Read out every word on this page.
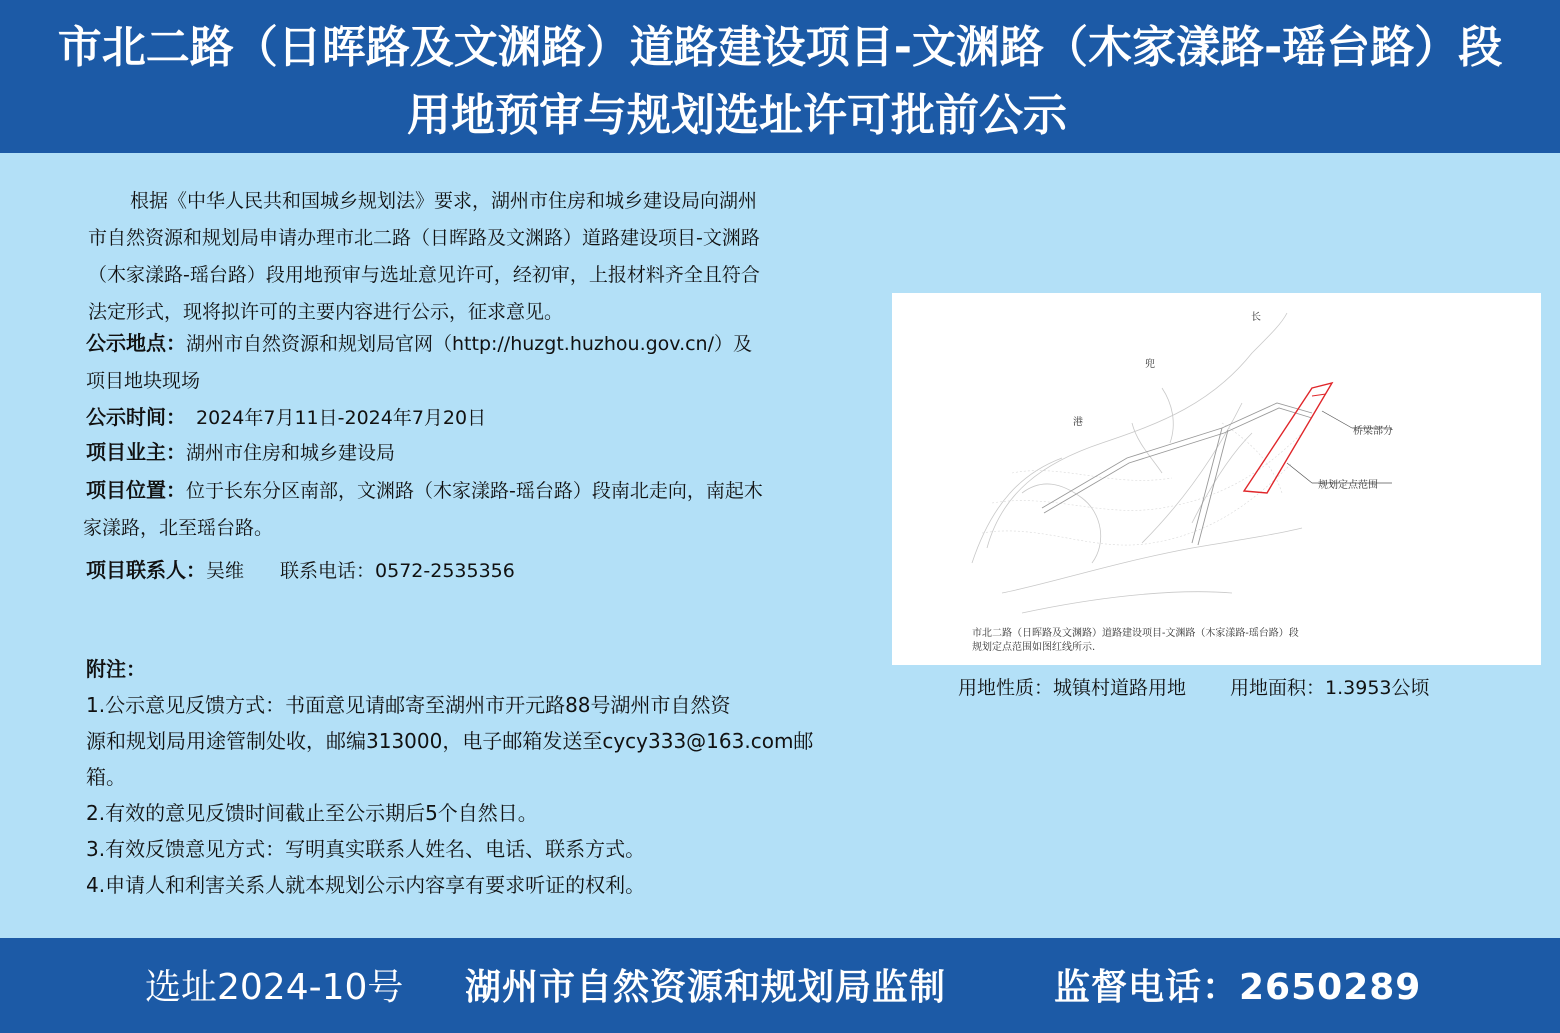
市北二路（日晖路及文渊路）道路建设项目-文渊路（木家漾路-瑶台路）段
用地预审与规划选址许可批前公示
根据《中华人民共和国城乡规划法》要求，湖州市住房和城乡建设局向湖州
市自然资源和规划局申请办理市北二路（日晖路及文渊路）道路建设项目-文渊路
（木家漾路-瑶台路）段用地预审与选址意见许可，经初审，上报材料齐全且符合
法定形式，现将拟许可的主要内容进行公示，征求意见。
公示地点：湖州市自然资源和规划局官网（http://huzgt.huzhou.gov.cn/）及
项目地块现场
公示时间： 2024年7月11日-2024年7月20日
项目业主：湖州市住房和城乡建设局
项目位置：位于长东分区南部，文渊路（木家漾路-瑶台路）段南北走向，南起木
家漾路，北至瑶台路。
项目联系人：吴维 联系电话：0572-2535356
附注：
1.公示意见反馈方式：书面意见请邮寄至湖州市开元路88号湖州市自然资
源和规划局用途管制处收，邮编313000，电子邮箱发送至cycy333@163.com邮
箱。
2.有效的意见反馈时间截止至公示期后5个自然日。
3.有效反馈意见方式：写明真实联系人姓名、电话、联系方式。
4.申请人和利害关系人就本规划公示内容享有要求听证的权利。
长
兜
港
桥梁部分
规划定点范围
市北二路（日晖路及文渊路）道路建设项目-文渊路（木家漾路-瑶台路）段
规划定点范围如图红线所示.
用地性质：城镇村道路用地 用地面积：1.3953公顷
选址2024-10号 湖州市自然资源和规划局监制	监督电话：2650289
